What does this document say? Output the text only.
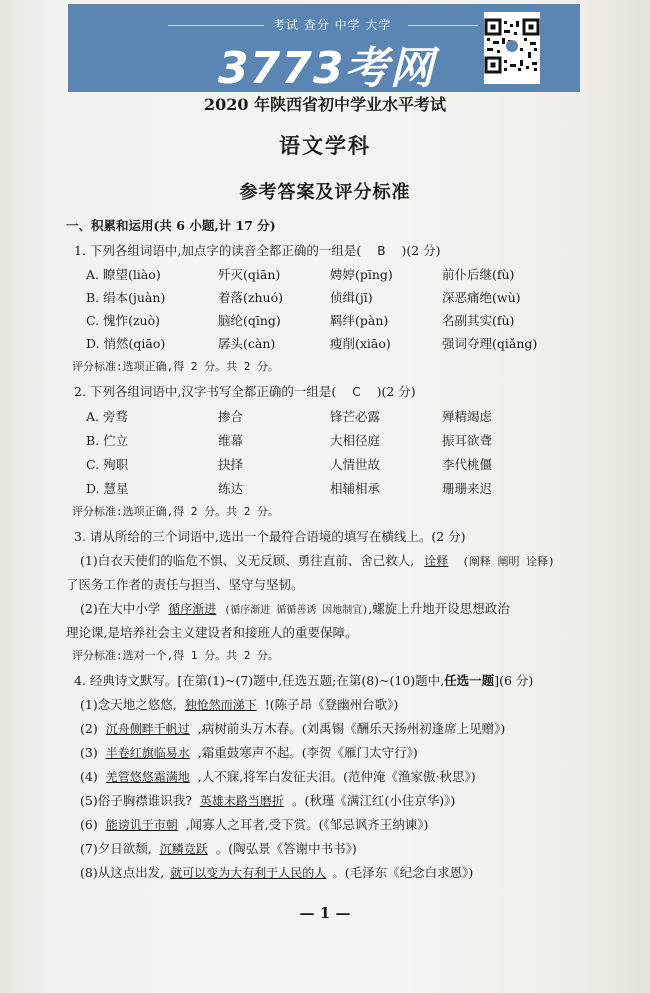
考试 查分 中学 大学
3773考网
2020 年陕西省初中学业水平考试
语文学科
参考答案及评分标准
一、积累和运用(共 6 小题,计 17 分)
1. 下列各组词语中,加点字的读音全都正确的一组是( B )(2 分)
A. 瞭望(liào)	歼灭(qiān)	娉婷(pīng)	前仆后继(fù)
B. 绢本(juàn)	着落(zhuó)	侦缉(jī)	深恶痛绝(wù)
C. 愧怍(zuò)	脑纶(qīng)	羁绊(pàn)	名副其实(fù)
D. 悄然(qiāo)	孱头(càn)	瘦削(xiāo)	强词夺理(qiǎng)
评分标准:选项正确,得 2 分。共 2 分。
2. 下列各组词语中,汉字书写全都正确的一组是( C )(2 分)
A. 旁骛	掺合	锋芒必露	殚精竭虑
B. 伫立	维幕	大相径庭	振耳欲聋
C. 殉职	抉择	人情世故	李代桃僵
D. 慧星	练达	相辅相承	珊珊来迟
评分标准:选项正确,得 2 分。共 2 分。
3. 请从所给的三个词语中,选出一个最符合语境的填写在横线上。(2 分)
(1)白衣天使们的临危不惧、义无反顾、勇往直前、舍己救人, 诠释 (阐释 阐明 诠释)
了医务工作者的责任与担当、坚守与坚韧。
(2)在大中小学 循序渐进 (循序渐进 循循善诱 因地制宜),螺旋上升地开设思想政治
理论课,是培养社会主义建设者和接班人的重要保障。
评分标准:选对一个,得 1 分。共 2 分。
4. 经典诗文默写。[在第(1)~(7)题中,任选五题;在第(8)~(10)题中,任选一题](6 分)
(1)念天地之悠悠, 独怆然而涕下 !(陈子昂《登幽州台歌》)
(2) 沉舟侧畔千帆过 ,病树前头万木春。(刘禹锡《酬乐天扬州初逢席上见赠》)
(3) 半卷红旗临易水 ,霜重鼓寒声不起。(李贺《雁门太守行》)
(4) 羌管悠悠霜满地 ,人不寐,将军白发征夫泪。(范仲淹《渔家傲·秋思》)
(5)俗子胸襟谁识我? 英雄末路当磨折 。(秋瑾《满江红(小住京华)》)
(6) 能谤讥于市朝 ,闻寡人之耳者,受下赏。(《邹忌讽齐王纳谏》)
(7)夕日欲颓, 沉鳞竞跃 。(陶弘景《答谢中书书》)
(8)从这点出发, 就可以变为大有利于人民的人 。(毛泽东《纪念白求恩》)
— 1 —
